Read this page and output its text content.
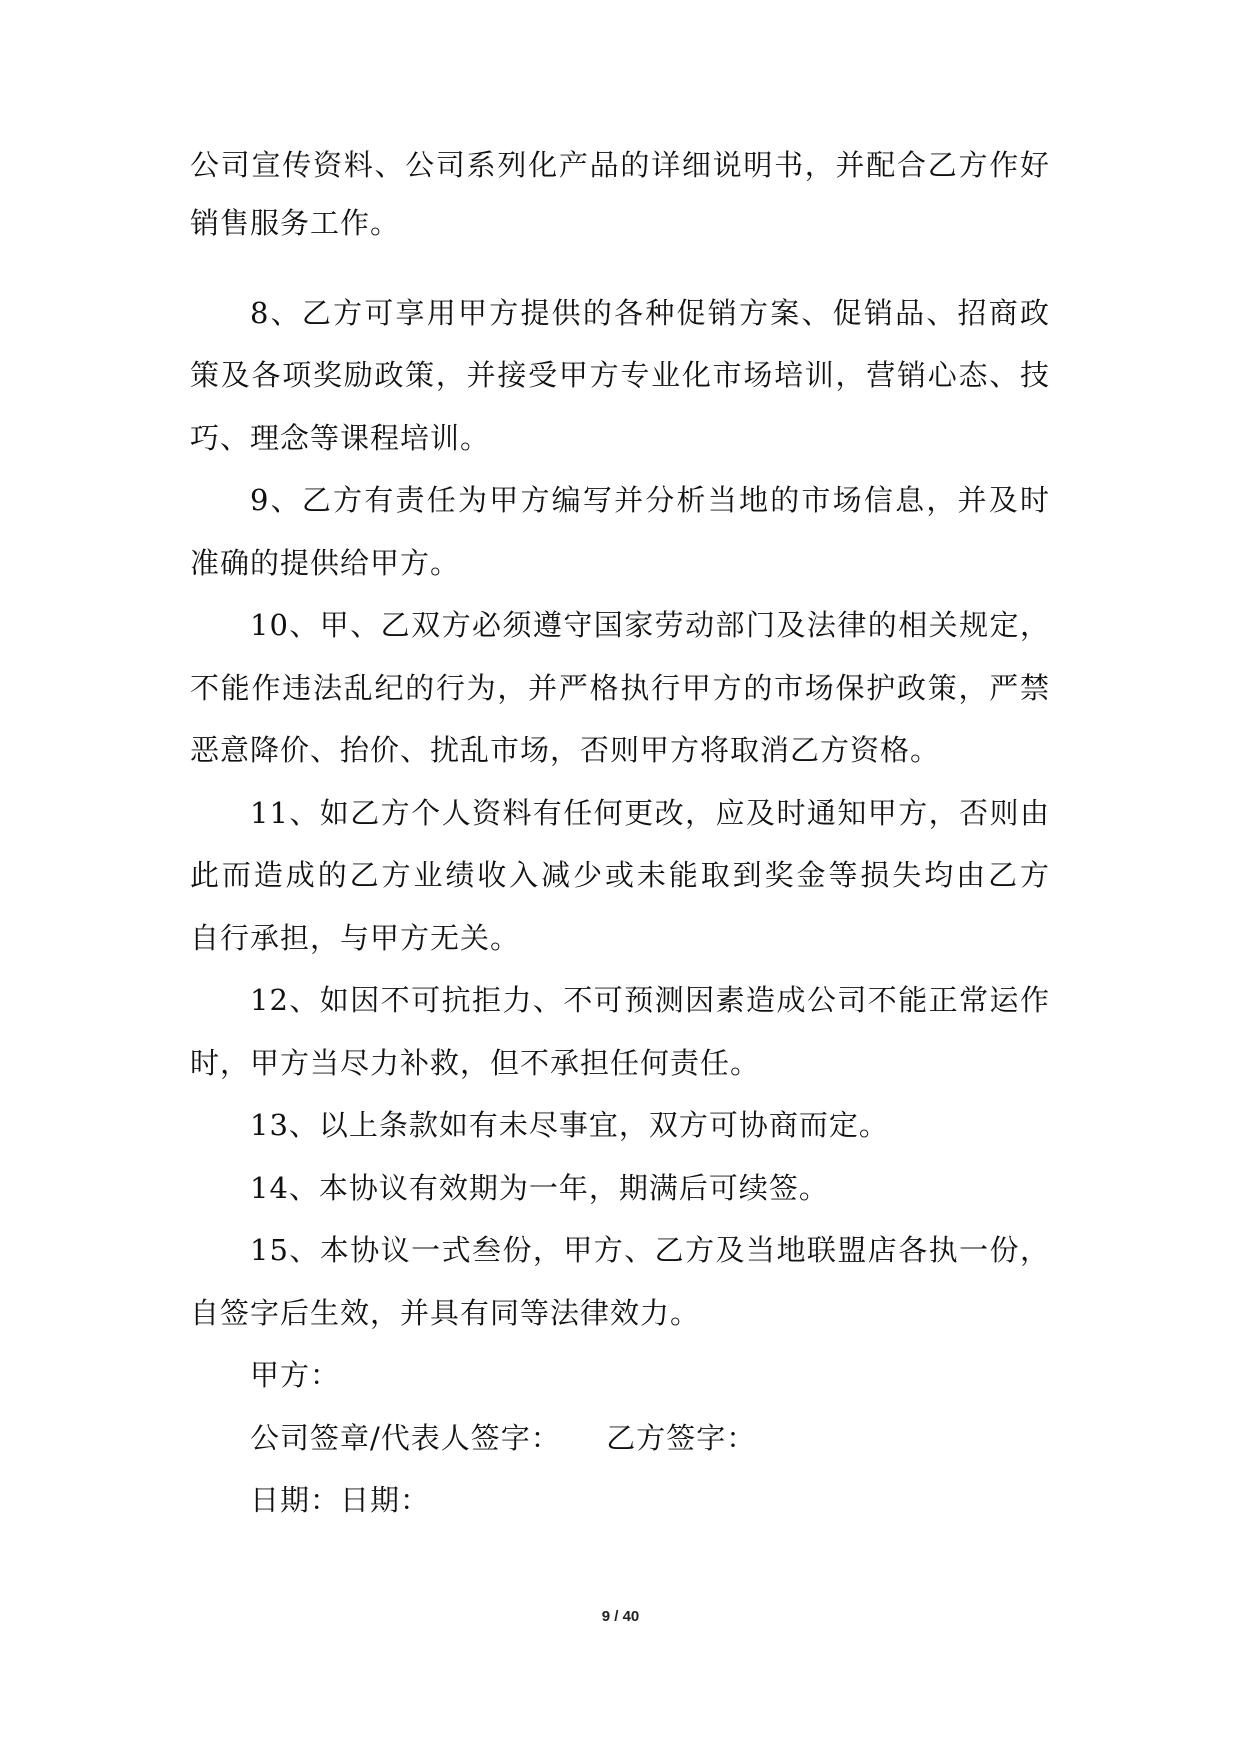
公司宣传资料、公司系列化产品的详细说明书，并配合乙方作好
销售服务工作。
8、乙方可享用甲方提供的各种促销方案、促销品、招商政
策及各项奖励政策，并接受甲方专业化市场培训，营销心态、技
巧、理念等课程培训。
9、乙方有责任为甲方编写并分析当地的市场信息，并及时
准确的提供给甲方。
10、甲、乙双方必须遵守国家劳动部门及法律的相关规定，
不能作违法乱纪的行为，并严格执行甲方的市场保护政策，严禁
恶意降价、抬价、扰乱市场，否则甲方将取消乙方资格。
11、如乙方个人资料有任何更改，应及时通知甲方，否则由
此而造成的乙方业绩收入减少或未能取到奖金等损失均由乙方
自行承担，与甲方无关。
12、如因不可抗拒力、不可预测因素造成公司不能正常运作
时，甲方当尽力补救，但不承担任何责任。
13、以上条款如有未尽事宜，双方可协商而定。
14、本协议有效期为一年，期满后可续签。
15、本协议一式叁份，甲方、乙方及当地联盟店各执一份，
自签字后生效，并具有同等法律效力。
甲方：
公司签章/代表人签字：　　乙方签字：
日期：日期：
9 / 40
